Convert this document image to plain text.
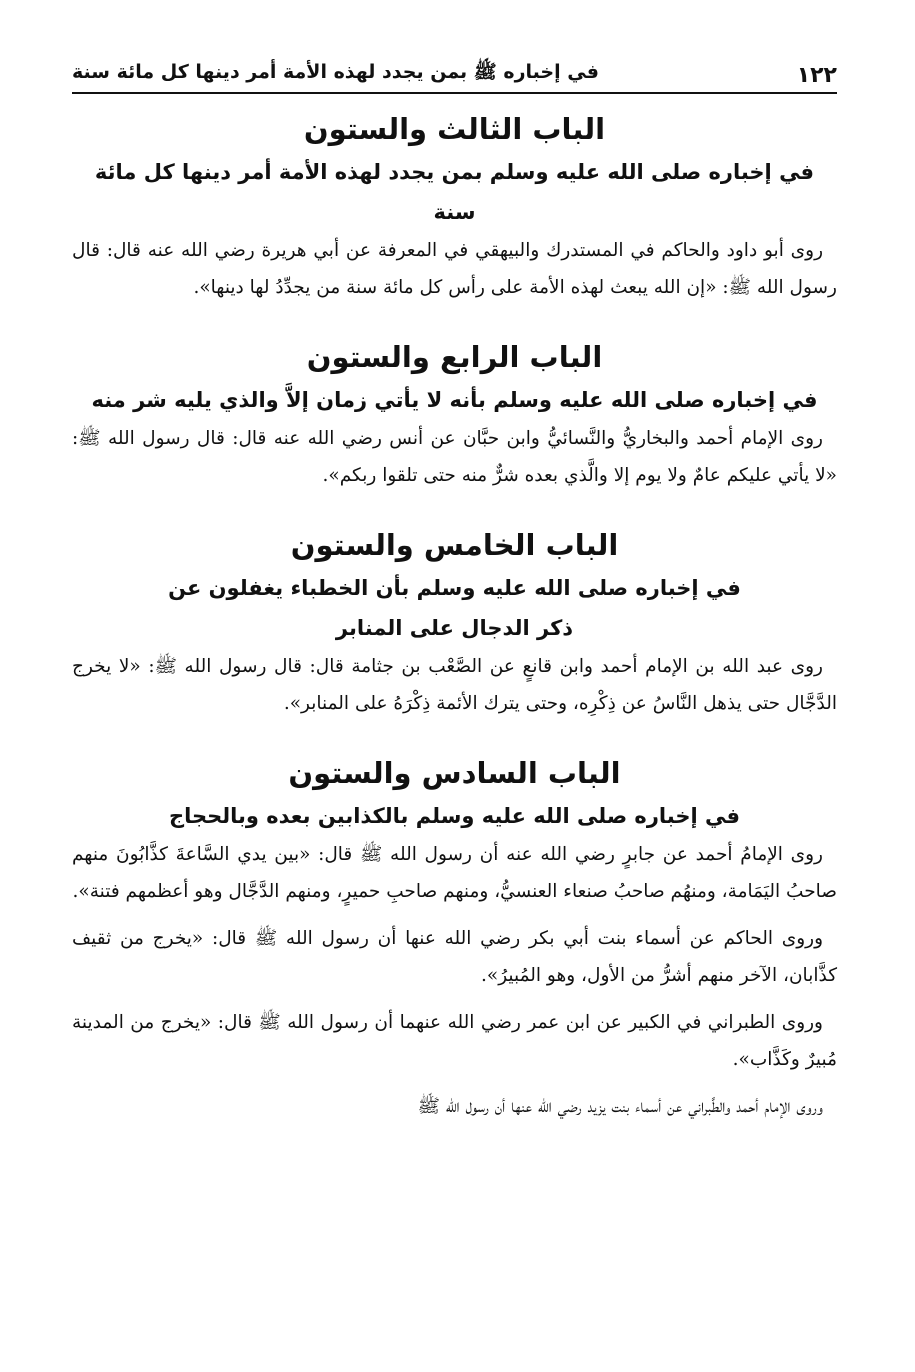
١٢٢
في إخباره ﷺ بمن يجدد لهذه الأمة أمر دينها كل مائة سنة
الباب الثالث والستون
في إخباره صلى الله عليه وسلم بمن يجدد لهذه الأمة أمر دينها كل مائة سنة

روى أبو داود والحاكم في المستدرك والبيهقي في المعرفة عن أبي هريرة رضي الله عنه قال: قال رسول الله ﷺ: «إن الله يبعث لهذه الأمة على رأس كل مائة سنة من يجدِّدُ لها دينها».

الباب الرابع والستون
في إخباره صلى الله عليه وسلم بأنه لا يأتي زمان إلاَّ والذي يليه شر منه

روى الإمام أحمد والبخاريُّ والنَّسائيُّ وابن حبَّان عن أنس رضي الله عنه قال: قال رسول الله ﷺ: «لا يأتي عليكم عامٌ ولا يوم إلا والَّذي بعده شرٌّ منه حتى تلقوا ربكم».

الباب الخامس والستون
في إخباره صلى الله عليه وسلم بأن الخطباء يغفلون عن
ذكر الدجال على المنابر

روى عبد الله بن الإمام أحمد وابن قانعٍ عن الصَّعْب بن جثامة قال: قال رسول الله ﷺ: «لا يخرج الدَّجَّال حتى يذهل النَّاسُ عن ذِكْرِه، وحتى يترك الأئمة ذِكْرَهُ على المنابر».

الباب السادس والستون
في إخباره صلى الله عليه وسلم بالكذابين بعده وبالحجاج

روى الإمامُ أحمد عن جابرٍ رضي الله عنه أن رسول الله ﷺ قال: «بين يدي السَّاعةَ كذَّابُونَ منهم صاحبُ اليَمَامة، ومنهُم صاحبُ صنعاء العنسيُّ، ومنهم صاحبِ حميرٍ، ومنهم الدَّجَّال وهو أعظمهم فتنة».

وروى الحاكم عن أسماء بنت أبي بكر رضي الله عنها أن رسول الله ﷺ قال: «يخرج من ثقيف كذَّابان، الآخر منهم أشرُّ من الأول، وهو المُبيرُ».

وروى الطبراني في الكبير عن ابن عمر رضي الله عنهما أن رسول الله ﷺ قال: «يخرج من المدينة مُبيرٌ وكَذَّاب».

وروى الإمام أحمد والطَّبراني عن أسماء بنت يزيد رضي الله عنها أن رسول الله ﷺ
